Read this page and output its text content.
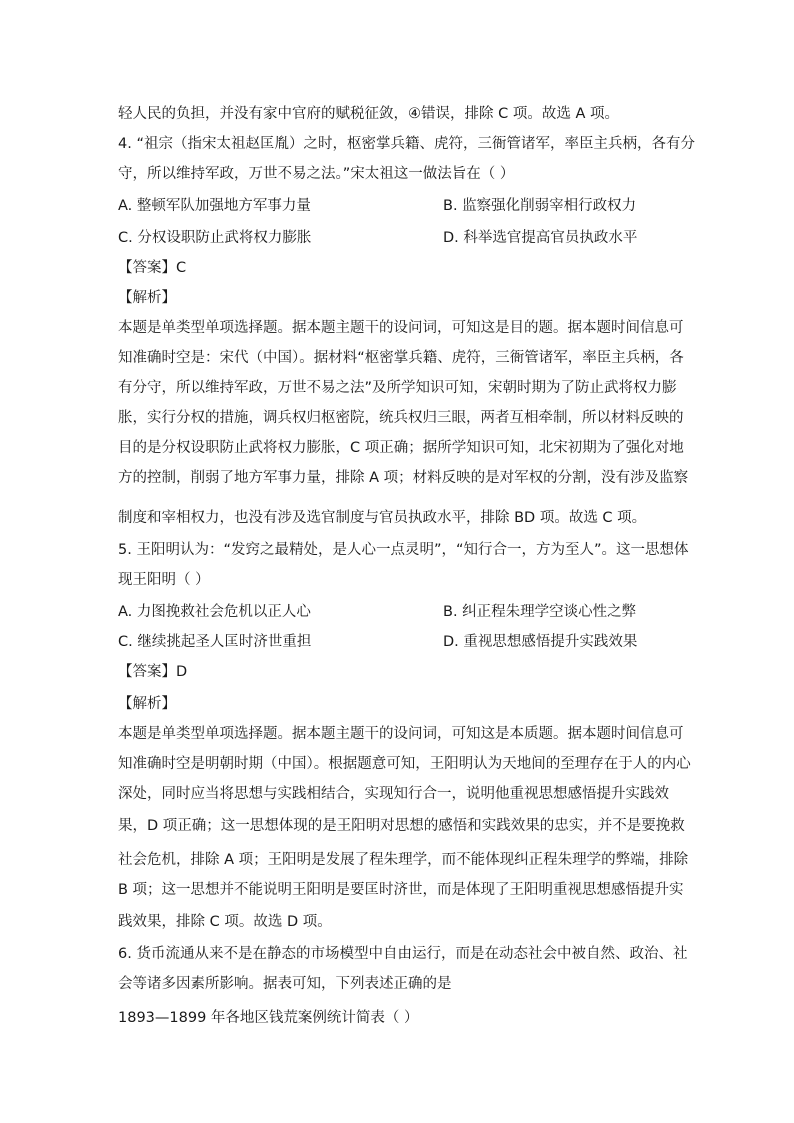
轻人民的负担，并没有家中官府的赋税征敛，④错误，排除 C 项。故选 A 项。
4. “祖宗（指宋太祖赵匡胤）之时，枢密掌兵籍、虎符，三衙管诸军，率臣主兵柄，各有分
守，所以维持军政，万世不易之法。”宋太祖这一做法旨在（ ）
A. 整顿军队加强地方军事力量	B. 监察强化削弱宰相行政权力
C. 分权设职防止武将权力膨胀	D. 科举选官提高官员执政水平
【答案】C
【解析】
本题是单类型单项选择题。据本题主题干的设问词，可知这是目的题。据本题时间信息可
知准确时空是：宋代（中国）。据材料“枢密掌兵籍、虎符，三衙管诸军，率臣主兵柄，各
有分守，所以维持军政，万世不易之法”及所学知识可知，宋朝时期为了防止武将权力膨
胀，实行分权的措施，调兵权归枢密院，统兵权归三眼，两者互相牵制，所以材料反映的
目的是分权设职防止武将权力膨胀，C 项正确；据所学知识可知，北宋初期为了强化对地
方的控制，削弱了地方军事力量，排除 A 项；材料反映的是对军权的分割，没有涉及监察
制度和宰相权力，也没有涉及选官制度与官员执政水平，排除 BD 项。故选 C 项。
5. 王阳明认为：“发窍之最精处，是人心一点灵明”，“知行合一，方为至人”。这一思想体
现王阳明（ ）
A. 力图挽救社会危机以正人心	B. 纠正程朱理学空谈心性之弊
C. 继续挑起圣人匡时济世重担	D. 重视思想感悟提升实践效果
【答案】D
【解析】
本题是单类型单项选择题。据本题主题干的设问词，可知这是本质题。据本题时间信息可
知准确时空是明朝时期（中国）。根据题意可知，王阳明认为天地间的至理存在于人的内心
深处，同时应当将思想与实践相结合，实现知行合一，说明他重视思想感悟提升实践效
果，D 项正确；这一思想体现的是王阳明对思想的感悟和实践效果的忠实，并不是要挽救
社会危机，排除 A 项；王阳明是发展了程朱理学，而不能体现纠正程朱理学的弊端，排除
B 项；这一思想并不能说明王阳明是要匡时济世，而是体现了王阳明重视思想感悟提升实
践效果，排除 C 项。故选 D 项。
6. 货币流通从来不是在静态的市场模型中自由运行，而是在动态社会中被自然、政治、社
会等诸多因素所影响。据表可知，下列表述正确的是
1893—1899 年各地区钱荒案例统计简表（ ）
